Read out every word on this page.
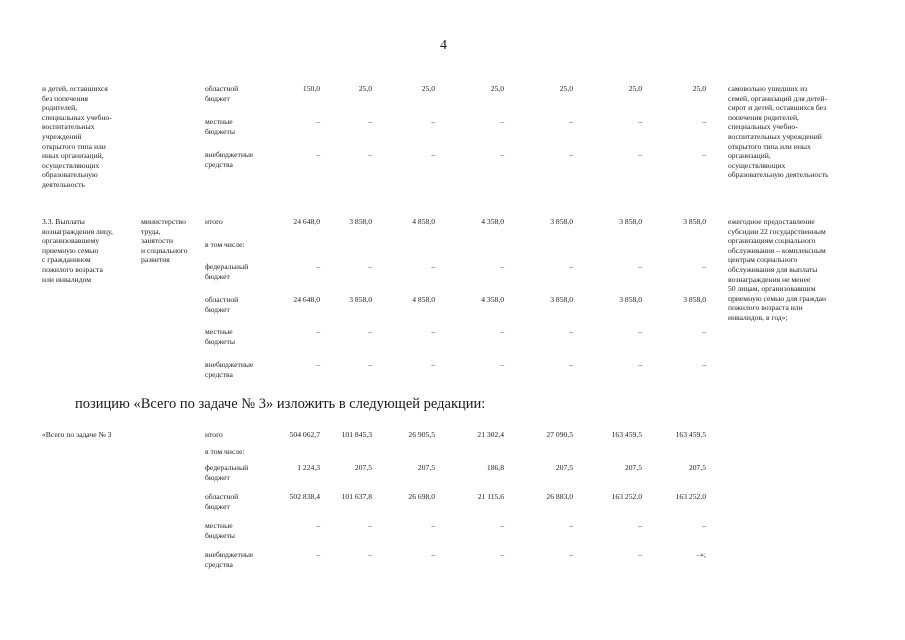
4
позицию «Всего по задаче № 3» изложить в следующей редакции:
и детей, оставшихся
без попечения
родителей,
специальных учебно-
воспитательных
учреждений
открытого типа или
иных организаций,
осуществляющих
образовательную
деятельность
областной
бюджет
150,0	25,0	25,0	25,0	25,0	25,0	25,0
местные
бюджеты
–	–	–	–	–	–	–
внебюджетные
средства
–	–	–	–	–	–	–
самовольно ушедших из
семей, организаций для детей-
сирот и детей, оставшихся без
попечения родителей,
специальных учебно-
воспитательных учреждений
открытого типа или иных
организаций,
осуществляющих
образовательную деятельность
3.3. Выплаты
вознаграждения лицу,
организовавшему
приемную семью
с гражданином
пожилого возраста
или инвалидом
министерство
труда,
занятости
и социального
развития
итого	24 648,0	3 858,0	4 858,0	4 358,0	3 858,0	3 858,0	3 858,0
в том числе:
федеральный
бюджет
–	–	–	–	–	–	–
областной
бюджет
24 648,0	3 858,0	4 858,0	4 358,0	3 858,0	3 858,0	3 858,0
местные
бюджеты
–	–	–	–	–	–	–
внебюджетные
средства
–	–	–	–	–	–	–
ежегодное предоставление
субсидии 22 государственным
организациям социального
обслуживания – комплексным
центрам социального
обслуживания для выплаты
вознаграждения не менее
50 лицам, организовавшим
приемную семью для граждан
пожилого возраста или
инвалидов, в год»;
«Всего по задаче № 3	итого	504 062,7	101 845,3	26 905,5	21 302,4	27 090,5	163 459,5	163 459,5
в том числе:
федеральный
бюджет
1 224,3	207,5	207,5	186,8	207,5	207,5	207,5
областной
бюджет
502 838,4	101 637,8	26 698,0	21 115,6	26 883,0	163 252,0	163 252,0
местные
бюджеты
–	–	–	–	–	–	–
внебюджетные
средства
–	–	–	–	–	–	–»;
